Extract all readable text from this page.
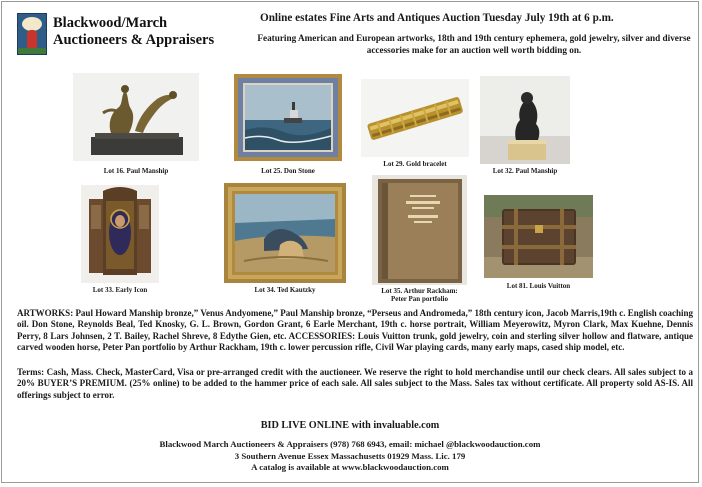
Blackwood/March
Auctioneers & Appraisers
Online estates Fine Arts and Antiques Auction Tuesday July 19th at 6 p.m.
Featuring American and European artworks, 18th and 19th century ephemera, gold jewelry, silver and diverse accessories make for an auction well worth bidding on.
Lot 16. Paul Manship	Lot 25. Don Stone
Lot 29. Gold bracelet
Lot 32. Paul Manship
Lot 33. Early Icon	Lot 34. Ted Kautzky	Lot 35. Arthur Rackham:
Peter Pan portfolio
Lot 81. Louis Vuitton
ARTWORKS: Paul Howard Manship bronze,” Venus Andyomene,” Paul Manship bronze, “Perseus and Andromeda,” 18th century icon, Jacob Marris,19th c. English coaching oil. Don Stone, Reynolds Beal, Ted Knosky, G. L. Brown, Gordon Grant, 6 Earle Merchant, 19th c. horse portrait, William Meyerowitz, Myron Clark, Max Kuehne, Dennis Perry, 8 Lars Johnsen, 2 T. Bailey, Rachel Shreve, 8 Edythe Gien, etc. ACCESSORIES: Louis Vuitton trunk, gold jewelry, coin and sterling silver hollow and flatware, antique carved wooden horse, Peter Pan portfolio by Arthur Rackham, 19th c. lower percussion rifle, Civil War playing cards, many early maps, cased ship model, etc.
Terms: Cash, Mass. Check, MasterCard, Visa or pre-arranged credit with the auctioneer. We reserve the right to hold merchandise until our check clears. All sales subject to a 20% BUYER’S PREMIUM. (25% online) to be added to the hammer price of each sale. All sales subject to the Mass. Sales tax without certificate. All property sold AS-IS. All offerings subject to error.
BID LIVE ONLINE with invaluable.com
Blackwood March Auctioneers & Appraisers (978) 768 6943, email: michael @blackwoodauction.com
3 Southern Avenue Essex Massachusetts 01929 Mass. Lic. 179
A catalog is available at www.blackwoodauction.com
